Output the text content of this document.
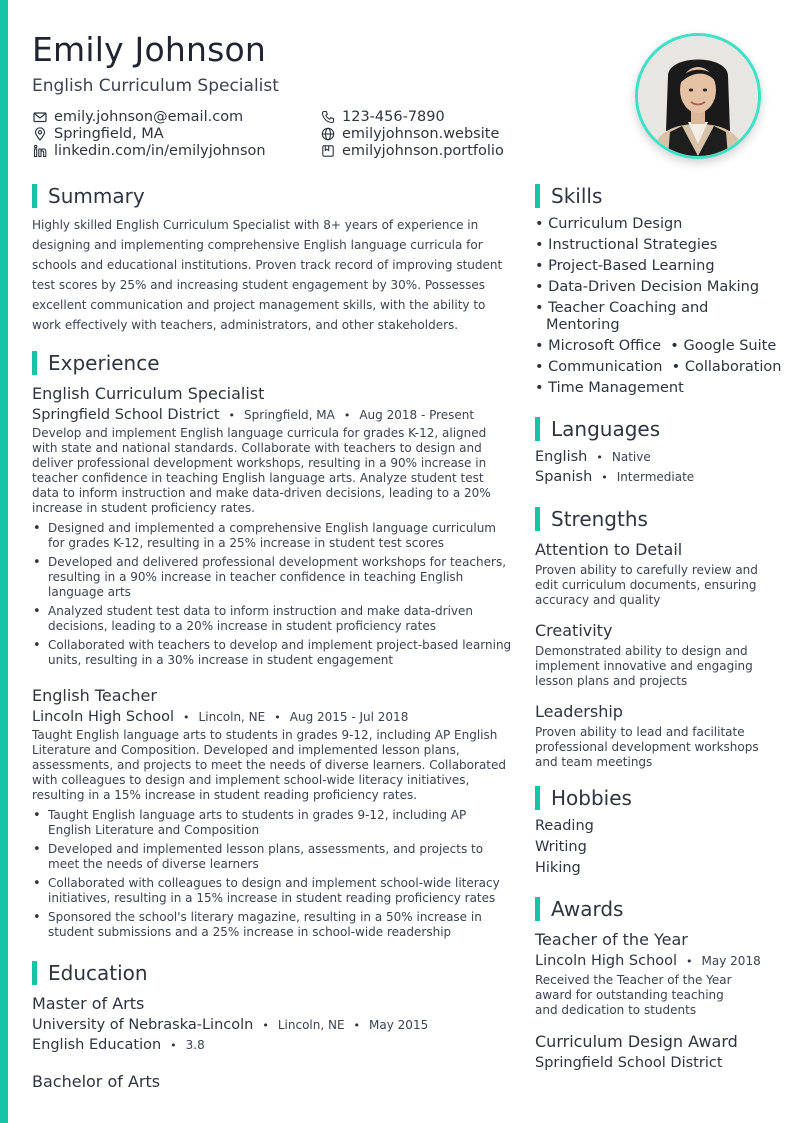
Emily Johnson
English Curriculum Specialist
emily.johnson@email.com
Springfield, MA
linkedin.com/in/emilyjohnson
123-456-7890
emilyjohnson.website
emilyjohnson.portfolio
Summary
Highly skilled English Curriculum Specialist with 8+ years of experience in designing and implementing comprehensive English language curricula for schools and educational institutions. Proven track record of improving student test scores by 25% and increasing student engagement by 30%. Possesses excellent communication and project management skills, with the ability to work effectively with teachers, administrators, and other stakeholders.
Experience
English Curriculum Specialist
Springfield School District • Springfield, MA • Aug 2018 - Present
Develop and implement English language curricula for grades K-12, aligned with state and national standards. Collaborate with teachers to design and deliver professional development workshops, resulting in a 90% increase in teacher confidence in teaching English language arts. Analyze student test data to inform instruction and make data-driven decisions, leading to a 20% increase in student proficiency rates.
• Designed and implemented a comprehensive English language curriculum for grades K-12, resulting in a 25% increase in student test scores
• Developed and delivered professional development workshops for teachers, resulting in a 90% increase in teacher confidence in teaching English language arts
• Analyzed student test data to inform instruction and make data-driven decisions, leading to a 20% increase in student proficiency rates
• Collaborated with teachers to develop and implement project-based learning units, resulting in a 30% increase in student engagement
English Teacher
Lincoln High School • Lincoln, NE • Aug 2015 - Jul 2018
Taught English language arts to students in grades 9-12, including AP English Literature and Composition. Developed and implemented lesson plans, assessments, and projects to meet the needs of diverse learners. Collaborated with colleagues to design and implement school-wide literacy initiatives, resulting in a 15% increase in student reading proficiency rates.
• Taught English language arts to students in grades 9-12, including AP English Literature and Composition
• Developed and implemented lesson plans, assessments, and projects to meet the needs of diverse learners
• Collaborated with colleagues to design and implement school-wide literacy initiatives, resulting in a 15% increase in student reading proficiency rates
• Sponsored the school's literary magazine, resulting in a 50% increase in student submissions and a 25% increase in school-wide readership
Education
Master of Arts
University of Nebraska-Lincoln • Lincoln, NE • May 2015
English Education • 3.8
Bachelor of Arts
Skills
• Curriculum Design
• Instructional Strategies
• Project-Based Learning
• Data-Driven Decision Making
• Teacher Coaching and Mentoring
• Microsoft Office  • Google Suite
• Communication  • Collaboration
• Time Management
Languages
English • Native
Spanish • Intermediate
Strengths
Attention to Detail
Proven ability to carefully review and edit curriculum documents, ensuring accuracy and quality
Creativity
Demonstrated ability to design and implement innovative and engaging lesson plans and projects
Leadership
Proven ability to lead and facilitate professional development workshops and team meetings
Hobbies
Reading
Writing
Hiking
Awards
Teacher of the Year
Lincoln High School • May 2018
Received the Teacher of the Year award for outstanding teaching and dedication to students
Curriculum Design Award
Springfield School District
